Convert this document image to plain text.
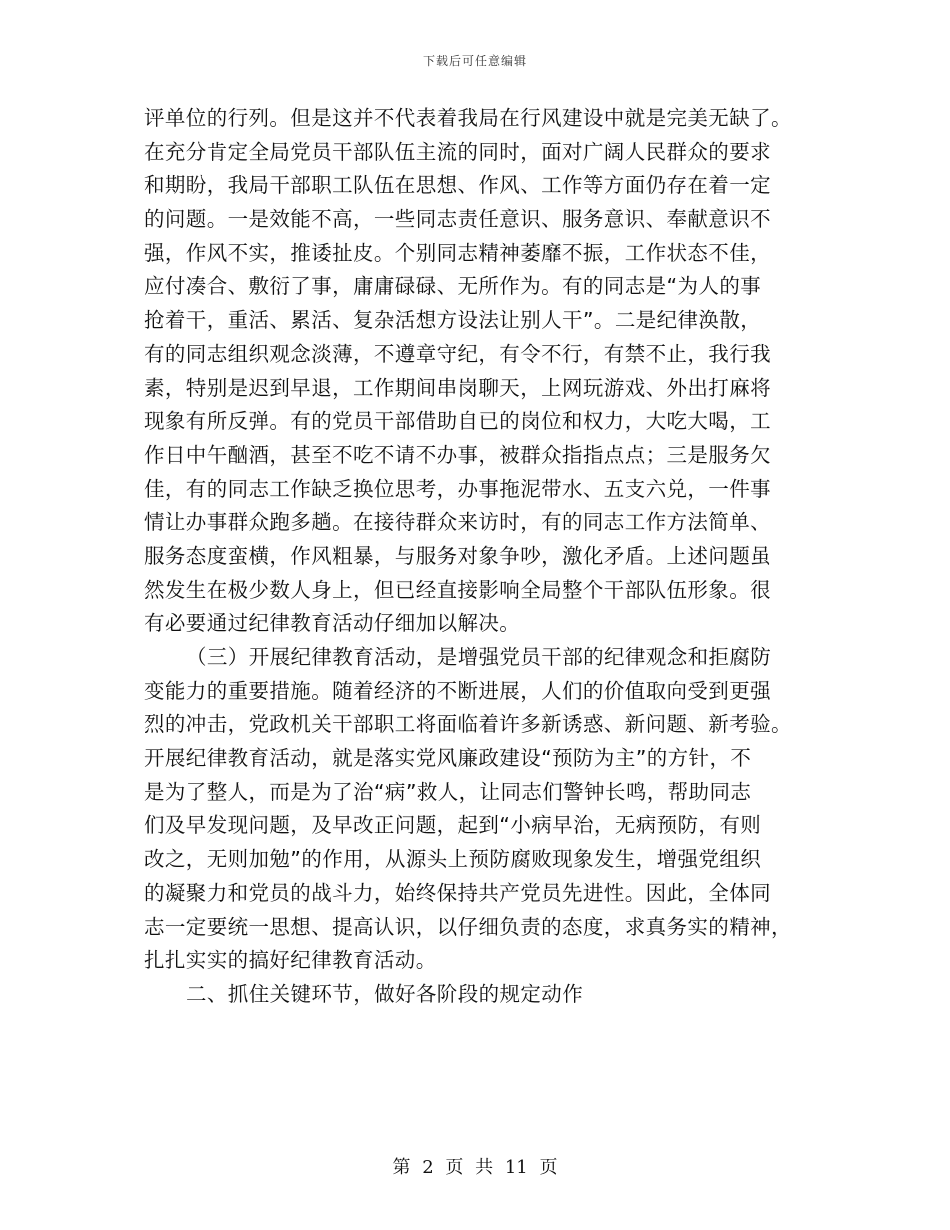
下载后可任意编辑
评单位的行列。但是这并不代表着我局在行风建设中就是完美无缺了。
在充分肯定全局党员干部队伍主流的同时，面对广阔人民群众的要求
和期盼，我局干部职工队伍在思想、作风、工作等方面仍存在着一定
的问题。一是效能不高，一些同志责任意识、服务意识、奉献意识不
强，作风不实，推诿扯皮。个别同志精神萎靡不振，工作状态不佳，
应付凑合、敷衍了事，庸庸碌碌、无所作为。有的同志是“为人的事
抢着干，重活、累活、复杂活想方设法让别人干”。二是纪律涣散，
有的同志组织观念淡薄，不遵章守纪，有令不行，有禁不止，我行我
素，特别是迟到早退，工作期间串岗聊天，上网玩游戏、外出打麻将
现象有所反弹。有的党员干部借助自已的岗位和权力，大吃大喝，工
作日中午酗酒，甚至不吃不请不办事，被群众指指点点；三是服务欠
佳，有的同志工作缺乏换位思考，办事拖泥带水、五支六兑，一件事
情让办事群众跑多趟。在接待群众来访时，有的同志工作方法简单、
服务态度蛮横，作风粗暴，与服务对象争吵，激化矛盾。上述问题虽
然发生在极少数人身上，但已经直接影响全局整个干部队伍形象。很
有必要通过纪律教育活动仔细加以解决。
（三）开展纪律教育活动，是增强党员干部的纪律观念和拒腐防
变能力的重要措施。随着经济的不断进展，人们的价值取向受到更强
烈的冲击，党政机关干部职工将面临着许多新诱惑、新问题、新考验。
开展纪律教育活动，就是落实党风廉政建设“预防为主”的方针，不
是为了整人，而是为了治“病”救人，让同志们警钟长鸣，帮助同志
们及早发现问题，及早改正问题，起到“小病早治，无病预防，有则
改之，无则加勉”的作用，从源头上预防腐败现象发生，增强党组织
的凝聚力和党员的战斗力，始终保持共产党员先进性。因此，全体同
志一定要统一思想、提高认识，以仔细负责的态度，求真务实的精神，
扎扎实实的搞好纪律教育活动。
二、抓住关键环节，做好各阶段的规定动作
第 2 页 共 11 页
